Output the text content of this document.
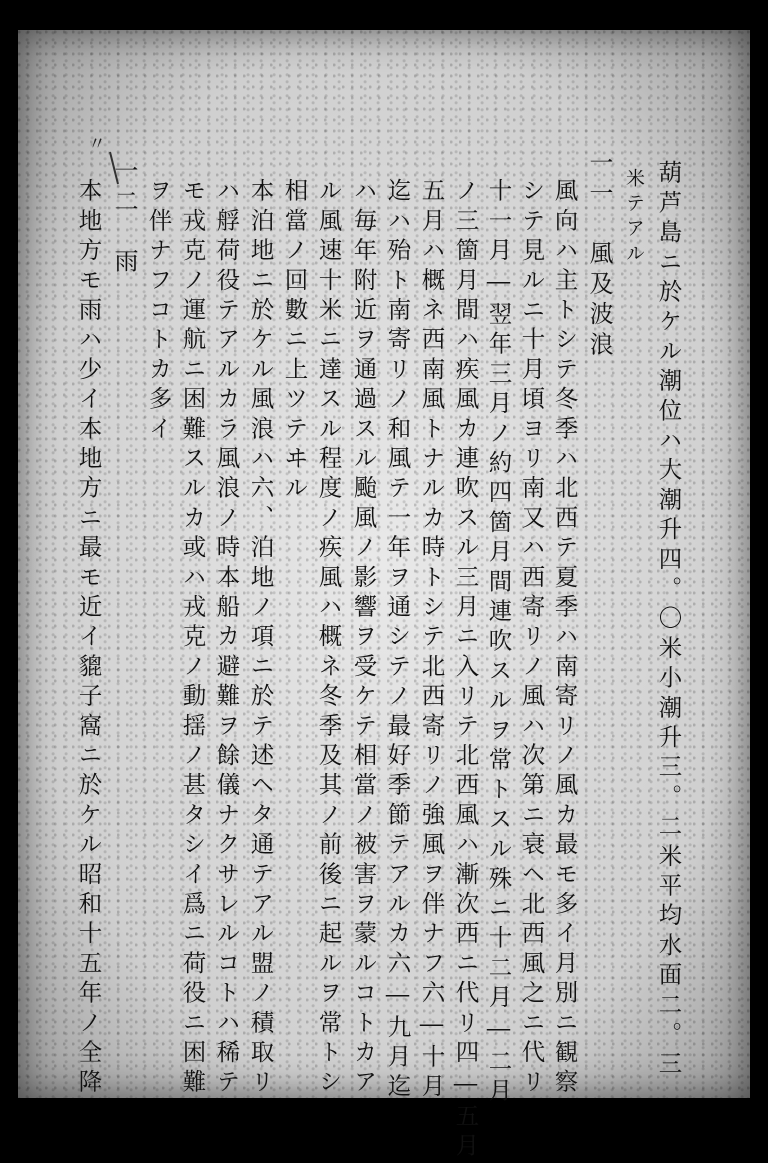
葫芦島ニ於ケル潮位ハ大潮升四。〇米小潮升三。二米平均水面二。三
米テアル
一一　風及波浪
風向ハ主トシテ冬季ハ北西テ夏季ハ南寄リノ風カ最モ多イ月別ニ観察
シテ見ルニ十月頃ヨリ南又ハ西寄リノ風ハ次第ニ衰ヘ北西風之ニ代リ
十一月―翌年三月ノ約四箇月間連吹スルヲ常トスル殊ニ十二月―二月
ノ三箇月間ハ疾風カ連吹スル三月ニ入リテ北西風ハ漸次西ニ代リ四―五月
五月ハ概ネ西南風トナルカ時トシテ北西寄リノ強風ヲ伴ナフ六―十月
迄ハ殆ト南寄リノ和風テ一年ヲ通シテノ最好季節テアルカ六―九月迄
ハ毎年附近ヲ通過スル颱風ノ影響ヲ受ケテ相當ノ被害ヲ蒙ルコトカア
ル風速十米ニ達スル程度ノ疾風ハ概ネ冬季及其ノ前後ニ起ルヲ常トシ
相當ノ回數ニ上ツテヰル
本泊地ニ於ケル風浪ハ六、泊地ノ項ニ於テ述ヘタ通テアル盟ノ積取リ
ハ艀荷役テアルカラ風浪ノ時本船カ避難ヲ餘儀ナクサレルコトハ稀テ
モ戎克ノ運航ニ困難スルカ或ハ戎克ノ動揺ノ甚タシイ爲ニ荷役ニ困難
ヲ伴ナフコトカ多イ
一二　雨
本地方モ雨ハ少イ本地方ニ最モ近イ貔子窩ニ於ケル昭和十五年ノ全降
〃
